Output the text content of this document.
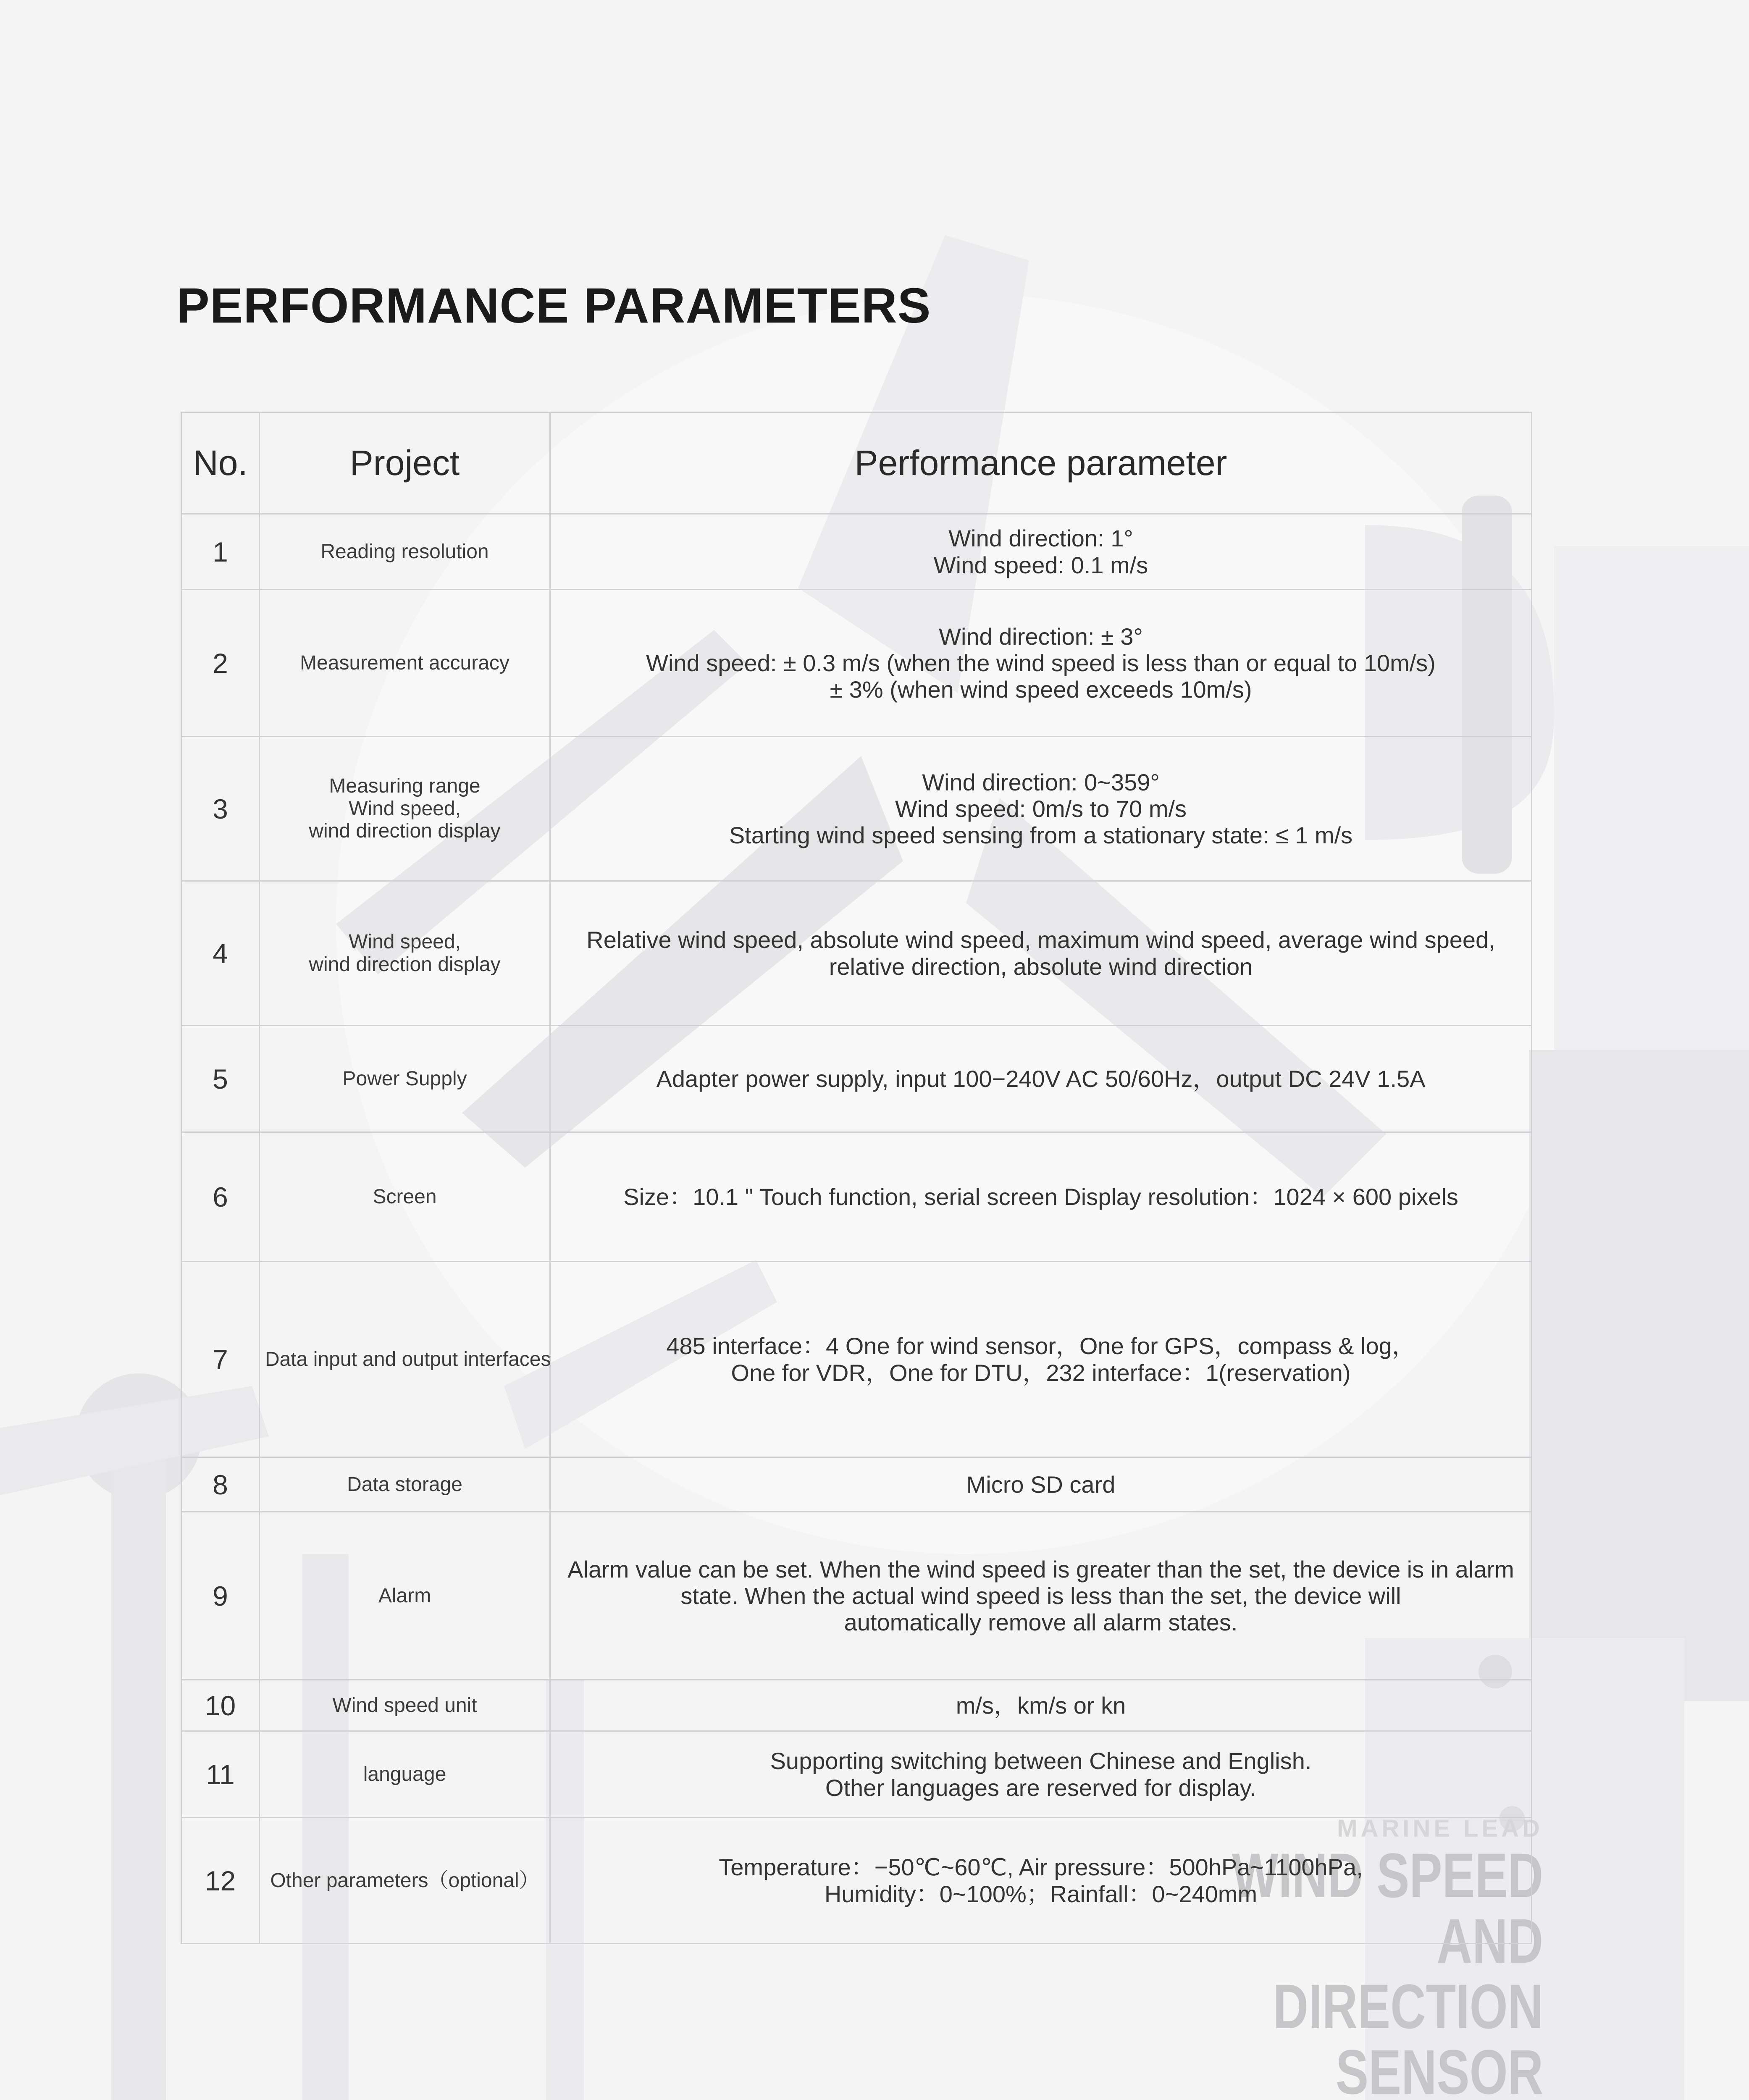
PERFORMANCE PARAMETERS
MARINE LEAD
WIND SPEED
AND
DIRECTION
SENSOR
No.	Project	Performance parameter
1	Reading resolution	Wind direction: 1°
Wind speed: 0.1 m/s

2	Measurement accuracy	Wind direction: ± 3°
Wind speed: ± 0.3 m/s (when the wind speed is less than or equal to 10m/s)
± 3% (when wind speed exceeds 10m/s)

3	Measuring range
Wind speed,
wind direction display	Wind direction: 0~359°
Wind speed: 0m/s to 70 m/s
Starting wind speed sensing from a stationary state: ≤ 1 m/s

4	Wind speed,
wind direction display	Relative wind speed, absolute wind speed, maximum wind speed, average wind speed,
relative direction, absolute wind direction

5	Power Supply	Adapter power supply, input 100−240V AC 50/60Hz，output DC 24V 1.5A

6	Screen	Size：10.1 " Touch function, serial screen Display resolution：1024 × 600 pixels

7	Data input and output interfaces	485 interface：4 One for wind sensor，One for GPS，compass & log，
One for VDR，One for DTU，232 interface：1(reservation)

8	Data storage	Micro SD card

9	Alarm	Alarm value can be set. When the wind speed is greater than the set, the device is in alarm
state. When the actual wind speed is less than the set, the device will
automatically remove all alarm states.

10	Wind speed unit	m/s，km/s or kn

11	language	Supporting switching between Chinese and English.
Other languages are reserved for display.

12	Other parameters（optional）	Temperature：−50℃~60℃, Air pressure：500hPa~1100hPa,
Humidity：0~100%；Rainfall：0~240mm
